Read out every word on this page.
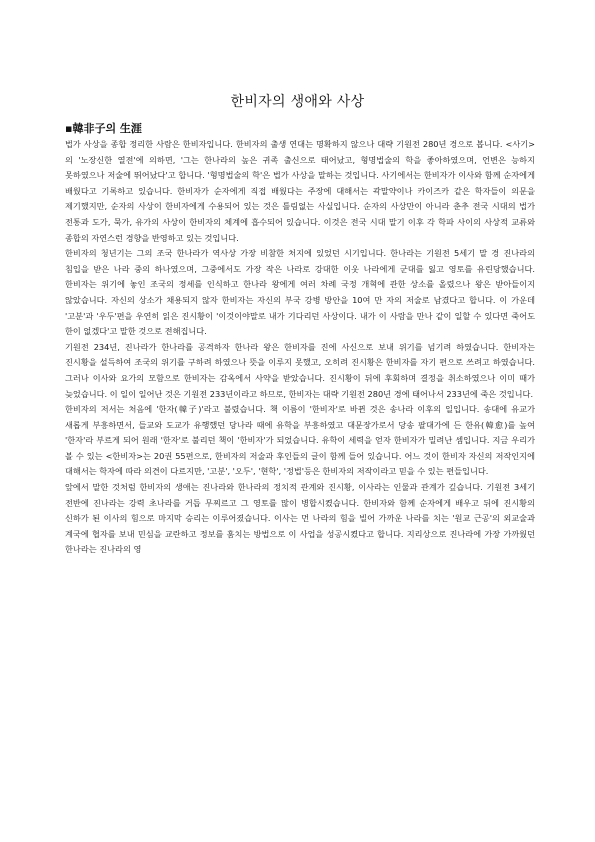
한비자의 생애와 사상
▪韓非子의 生涯

법가 사상을 종합 정리한 사람은 한비자입니다. 한비자의 출생 연대는 명확하지 않으나 대략 기원전 280년 경으로 봅니다. <사기>의 '노장신한 열전'에 의하면, '그는 한나라의 높은 귀족 출신으로 태어났고, 형명법술의 학을 좋아하였으며, 언변은 능하지 못하였으나 저술에 뛰어났다'고 합니다. '형명법술의 학'은 법가 사상을 말하는 것입니다. 사기에서는 한비자가 이사와 함께 순자에게 배웠다고 기록하고 있습니다. 한비자가 순자에게 직접 배웠다는 주장에 대해서는 곽말약이나 카이즈카 같은 학자들이 의문을 제기했지만, 순자의 사상이 한비자에게 수용되어 있는 것은 틀림없는 사실입니다. 순자의 사상만이 아니라 춘추 전국 시대의 법가 전통과 도가, 묵가, 유가의 사상이 한비자의 체계에 흡수되어 있습니다. 이것은 전국 시대 말기 이후 각 학파 사이의 사상적 교류와 종합의 자연스런 경향을 반영하고 있는 것입니다.

한비자의 청년기는 그의 조국 한나라가 역사상 가장 비참한 처지에 있었던 시기입니다. 한나라는 기원전 5세기 말 경 진나라의 침입을 받은 나라 중의 하나였으며, 그중에서도 가장 작은 나라로 강대한 이웃 나라에게 군대를 잃고 영토를 유린당했습니다. 한비자는 위기에 놓인 조국의 정세를 인식하고 한나라 왕에게 여러 차례 국정 개혁에 관한 상소를 올렸으나 왕은 받아들이지 않았습니다. 자신의 상소가 채용되지 않자 한비자는 자신의 부국 강병 방안을 10여 만 자의 저술로 남겼다고 합니다. 이 가운데 '고분'과 '우두'편을 우연히 읽은 진시황이 '이것이야말로 내가 기다리던 사상이다. 내가 이 사람을 만나 같이 일할 수 있다면 죽어도 한이 없겠다'고 말한 것으로 전해집니다.

기원전 234년, 진나라가 한나라를 공격하자 한나라 왕은 한비자를 진에 사신으로 보내 위기를 넘기려 하였습니다. 한비자는 진시황을 설득하여 조국의 위기를 구하려 하였으나 뜻을 이루지 못했고, 오히려 진시황은 한비자를 자기 편으로 쓰려고 하였습니다. 그러나 이사와 요가의 모함으로 한비자는 감옥에서 사약을 받았습니다. 진시황이 뒤에 후회하며 결정을 취소하였으나 이미 때가 늦었습니다. 이 일이 일어난 것은 기원전 233년이라고 하므로, 한비자는 대략 기원전 280년 경에 태어나서 233년에 죽은 것입니다.

한비자의 저서는 처음에 '한자(韓子)'라고 불렸습니다. 책 이름이 '한비자'로 바뀐 것은 송나라 이후의 일입니다. 송대에 유교가 새롭게 부흥하면서, 들교와 도교가 유행했던 당나라 때에 유학을 부흥하였고 대문장가로서 당송 팔대가에 든 한유(韓愈)를 높여 '한자'라 부르게 되어 원래 '한자'로 불리던 책이 '한비자'가 되었습니다. 유학이 세력을 얻자 한비자가 밀려난 셈입니다. 지금 우리가 볼 수 있는 <한비자>는 20권 55편으로, 한비자의 저술과 후인들의 글이 함께 들어 있습니다. 어느 것이 한비자 자신의 저작인지에 대해서는 학자에 따라 의견이 다르지만, '고분', '오두', '현학', '정법'등은 한비자의 저작이라고 믿을 수 있는 편들입니다.

앞에서 말한 것처럼 한비자의 생애는 진나라와 한나라의 정치적 관계와 진시황, 이사라는 인물과 관계가 깊습니다. 기원전 3세기 전반에 진나라는 강력 초나라를 거듭 무찌르고 그 영토를 많이 병합시켰습니다. 한비자와 함께 순자에게 배우고 뒤에 진시황의 신하가 된 이사의 힘으로 마지막 승리는 이루어졌습니다. 이사는 먼 나라의 힘을 빌어 가까운 나라를 치는 '원교 근공'의 외교술과 계국에 협자를 보내 민심을 교란하고 정보를 훔치는 방법으로 이 사업을 성공시켰다고 합니다. 지리상으로 진나라에 가장 가까웠던 한나라는 진나라의 영
